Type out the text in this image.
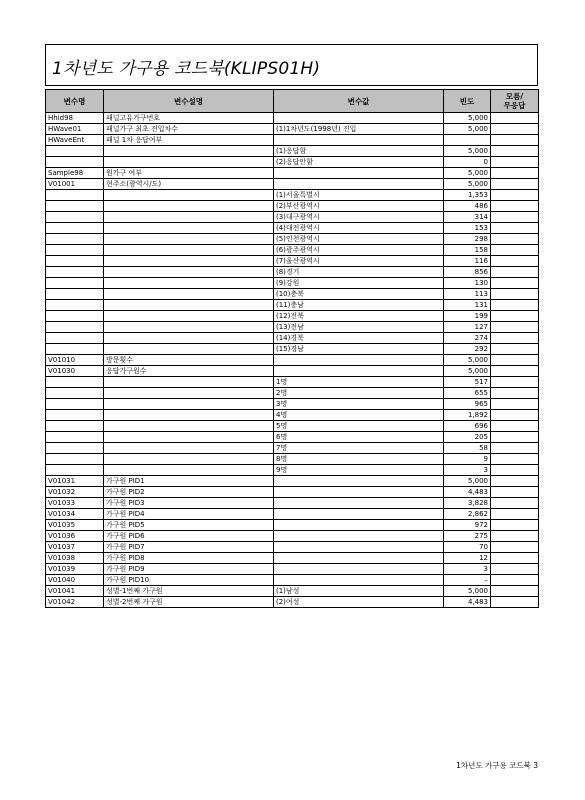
1차년도 가구용 코드북(KLIPS01H)
변수명	변수설명	변수값	빈도	모름/
무응답
Hhid98	패널고유가구번호		5,000	
HWave01	패널가구 최초 진입차수	(1)1차년도(1998년) 진입	5,000	
HWaveEnt	패널 1차 응답여부			
		(1)응답함	5,000	
		(2)응답안함	0	
Sample98	원가구 여부		5,000	
V01001	현주소(광역시/도)		5,000	
		(1)서울특별시	1,353	
		(2)부산광역시	486	
		(3)대구광역시	314	
		(4)대전광역시	153	
		(5)인천광역시	298	
		(6)광주광역시	158	
		(7)울산광역시	116	
		(8)경기	856	
		(9)강원	130	
		(10)충북	113	
		(11)충남	131	
		(12)전북	199	
		(13)전남	127	
		(14)경북	274	
		(15)경남	292	
V01010	방문횟수		5,000	
V01030	응답가구원수		5,000	
		1명	517	
		2명	655	
		3명	965	
		4명	1,892	
		5명	696	
		6명	205	
		7명	58	
		8명	9	
		9명	3	
V01031	가구원 PID1		5,000	
V01032	가구원 PID2		4,483	
V01033	가구원 PID3		3,828	
V01034	가구원 PID4		2,862	
V01035	가구원 PID5		972	
V01036	가구원 PID6		275	
V01037	가구원 PID7		70	
V01038	가구원 PID8		12	
V01039	가구원 PID9		3	
V01040	가구원 PID10		–	
V01041	성별-1번째 가구원	(1)남성	5,000	
V01042	성별-2번째 가구원	(2)여성	4,483	
1차년도 가구용 코드북 3
